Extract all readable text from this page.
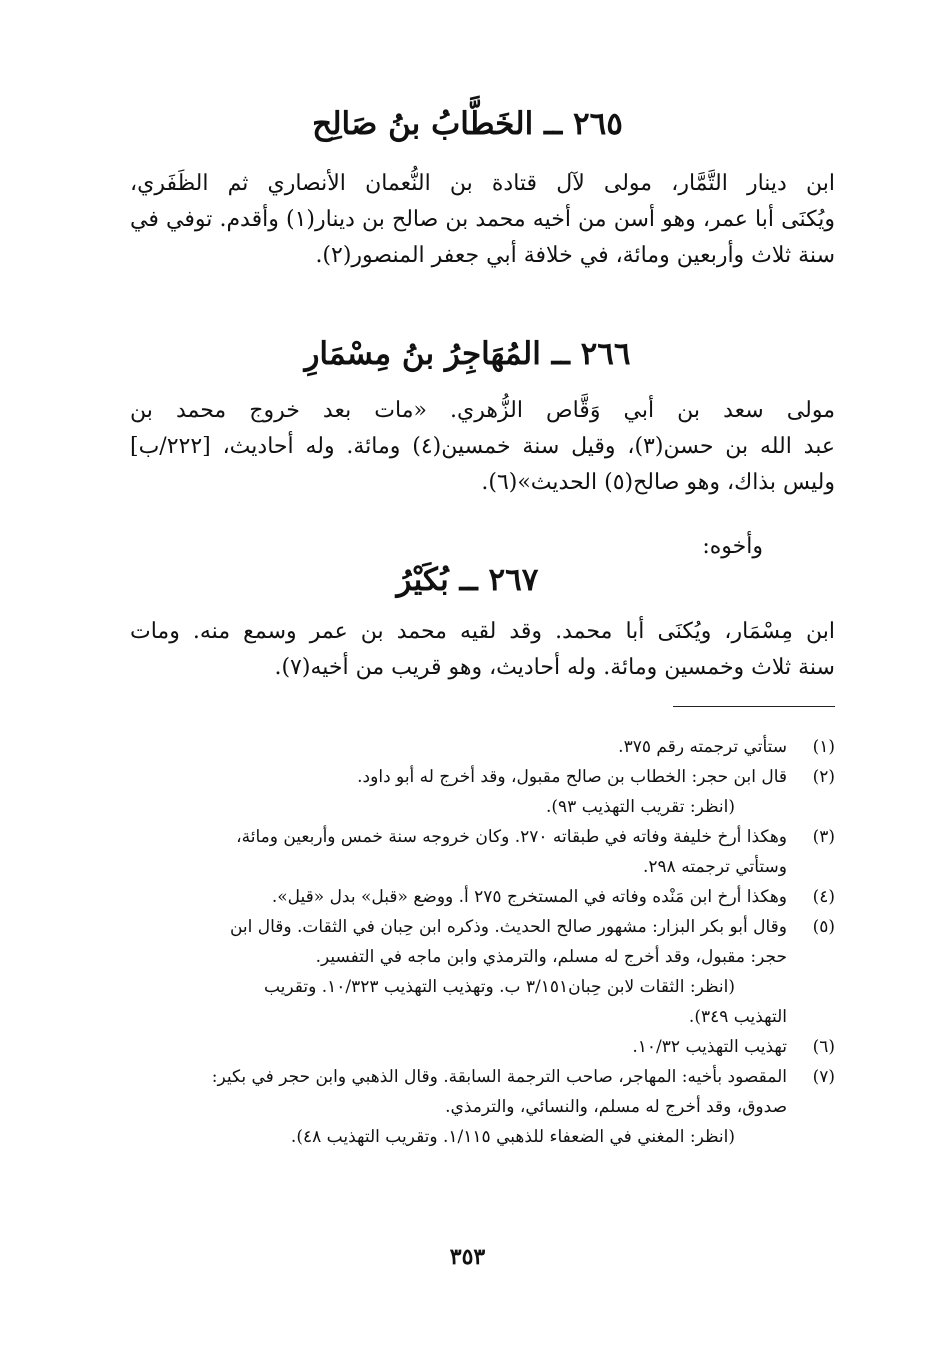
٢٦٥ ــ الخَطَّابُ بنُ صَالِح
ابن دينار التَّمَّار، مولى لآل قتادة بن النُّعمان الأنصاري ثم الظَفَري،
ويُكنَى أبا عمر، وهو أسن من أخيه محمد بن صالح بن دينار(١) وأقدم. توفي في
سنة ثلاث وأربعين ومائة، في خلافة أبي جعفر المنصور(٢).
٢٦٦ ــ المُهَاجِرُ بنُ مِسْمَارِ
مولى سعد بن أبي وَقَّاص الزُّهري. «مات بعد خروج محمد بن
عبد الله بن حسن(٣)، وقيل سنة خمسين(٤) ومائة. وله أحاديث، [٢٢٢/ب]
وليس بذاك، وهو صالح(٥) الحديث»(٦).
وأخوه:
٢٦٧ ــ بُكَيْرُ
ابن مِسْمَار، ويُكنَى أبا محمد. وقد لقيه محمد بن عمر وسمع منه. ومات
سنة ثلاث وخمسين ومائة. وله أحاديث، وهو قريب من أخيه(٧).
(١)
ستأتي ترجمته رقم ٣٧٥.
(٢)
قال ابن حجر: الخطاب بن صالح مقبول، وقد أخرج له أبو داود.
(انظر: تقريب التهذيب ٩٣).
(٣)
وهكذا أرخ خليفة وفاته في طبقاته ٢٧٠. وكان خروجه سنة خمس وأربعين ومائة،
وستأتي ترجمته ٢٩٨.
(٤)
وهكذا أرخ ابن مَنْده وفاته في المستخرج ٢٧٥ أ. ووضع «قبل» بدل «قيل».
(٥)
وقال أبو بكر البزار: مشهور صالح الحديث. وذكره ابن حِبان في الثقات. وقال ابن
حجر: مقبول، وقد أخرج له مسلم، والترمذي وابن ماجه في التفسير.
(انظر: الثقات لابن حِبان٣/١٥١ ب. وتهذيب التهذيب ١٠/٣٢٣. وتقريب
التهذيب ٣٤٩).
(٦)
تهذيب التهذيب ١٠/٣٢.
(٧)
المقصود بأخيه: المهاجر، صاحب الترجمة السابقة. وقال الذهبي وابن حجر في بكير:
صدوق، وقد أخرج له مسلم، والنسائي، والترمذي.
(انظر: المغني في الضعفاء للذهبي ١/١١٥. وتقريب التهذيب ٤٨).
٣٥٣
